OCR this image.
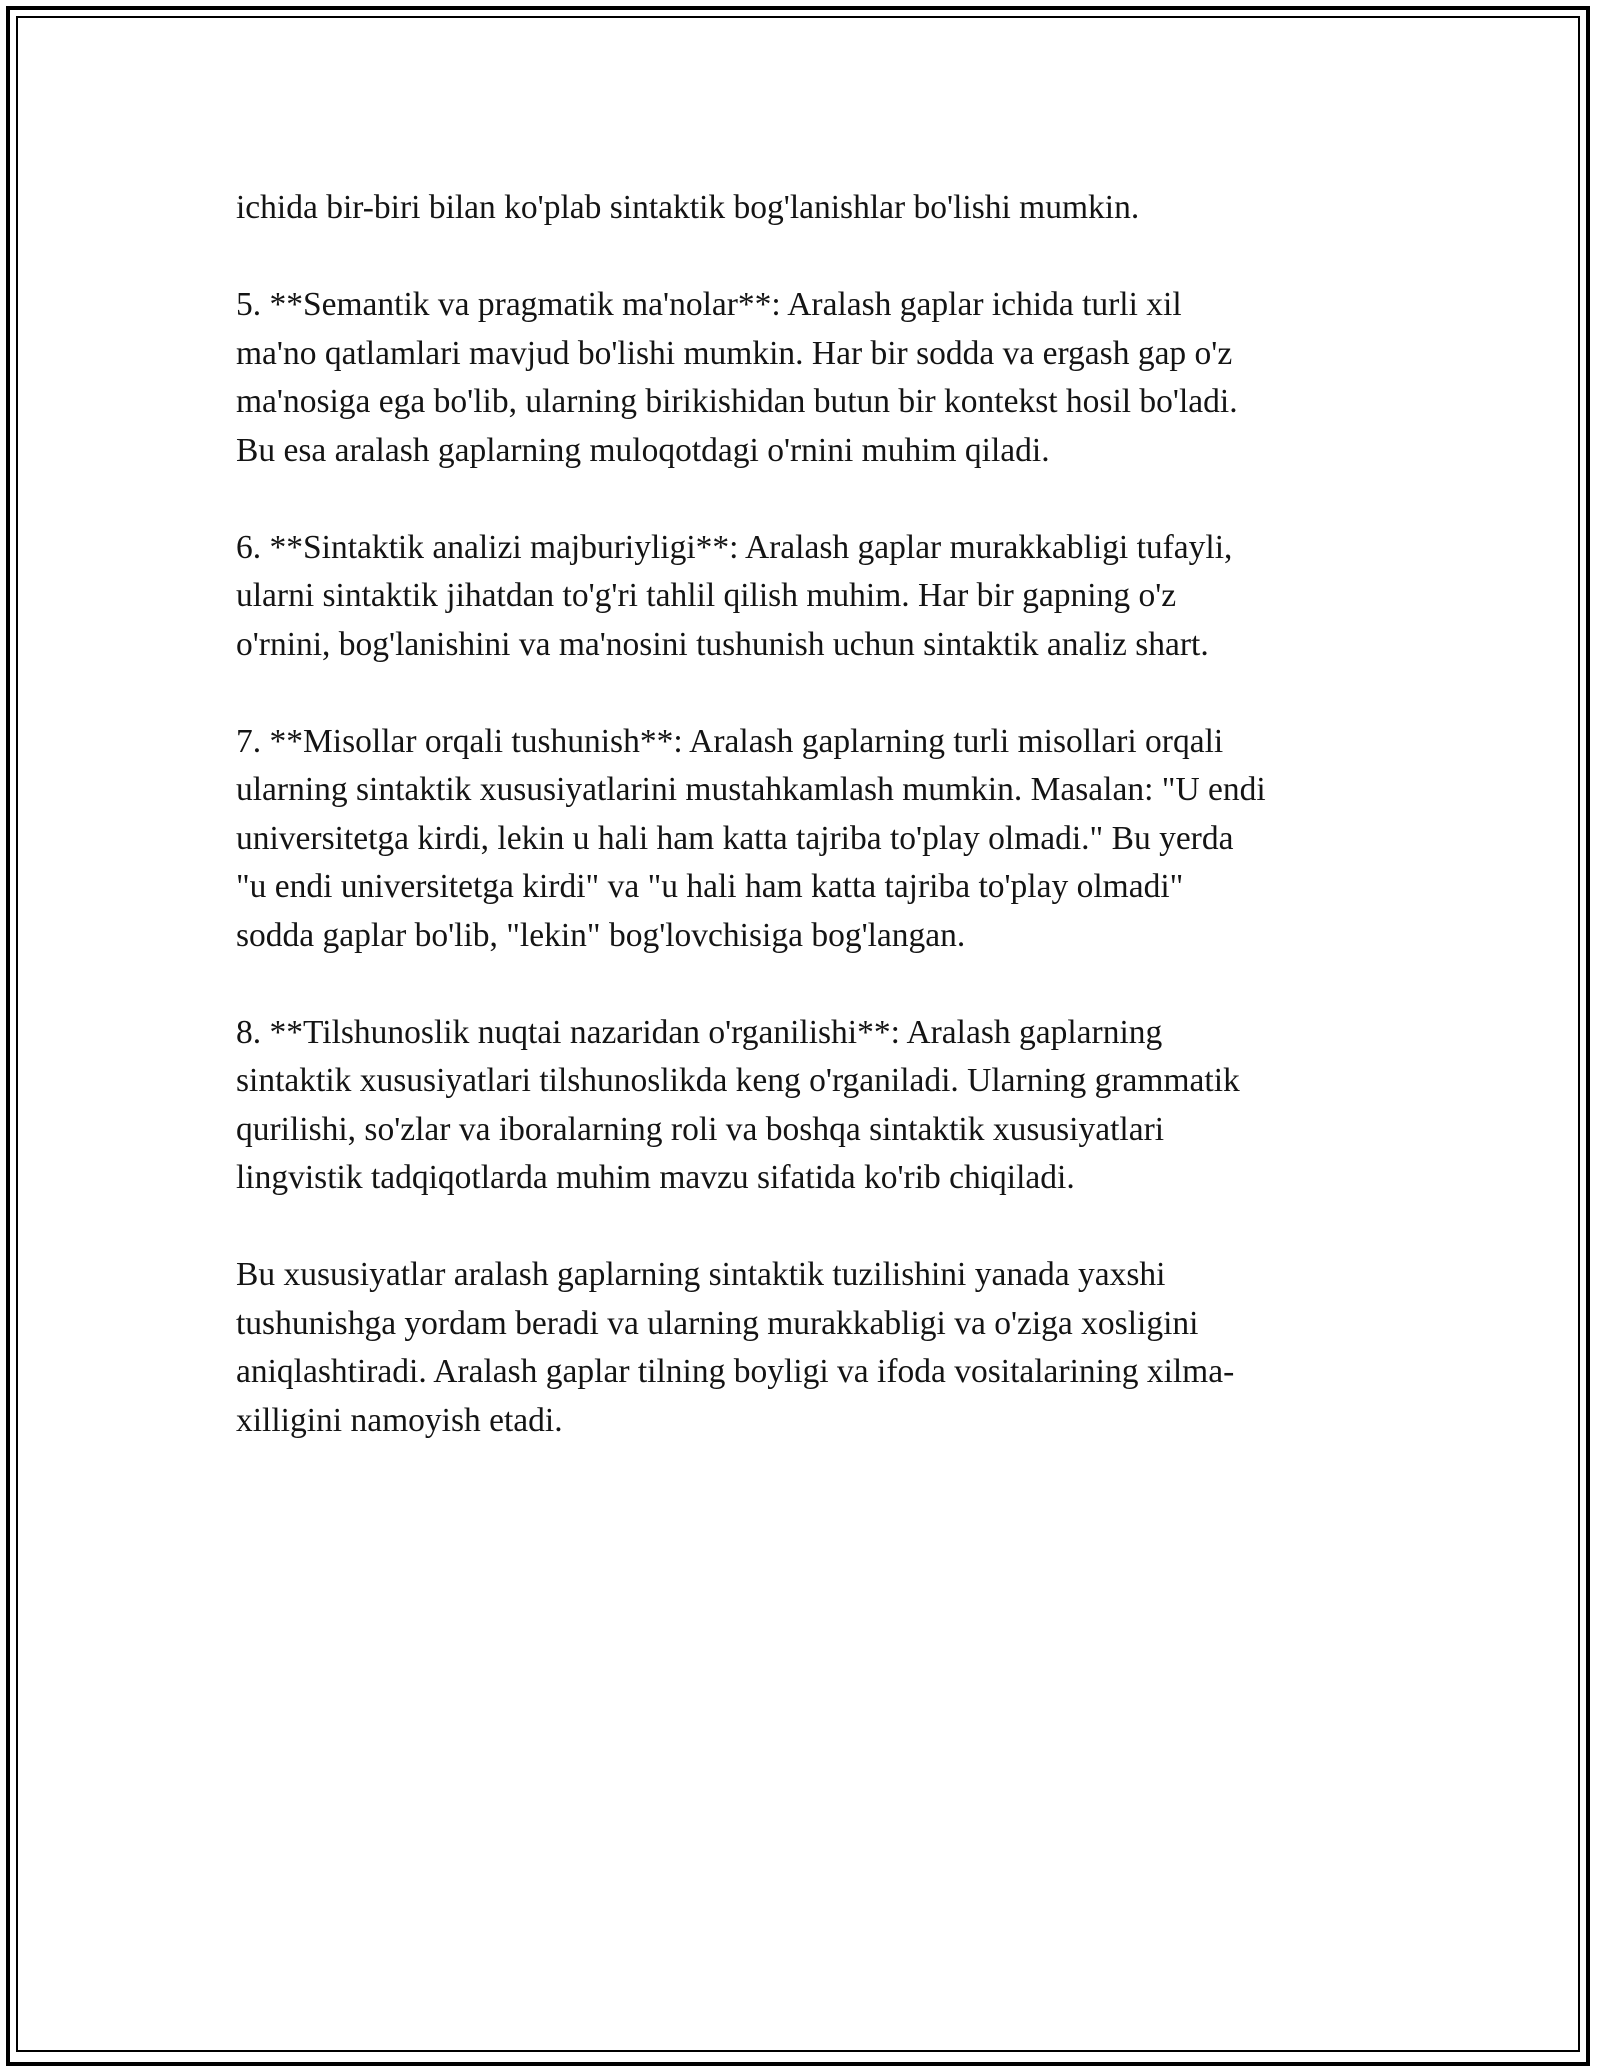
ichida bir-biri bilan ko'plab sintaktik bog'lanishlar bo'lishi mumkin.
5. **Semantik va pragmatik ma'nolar**: Aralash gaplar ichida turli xil
ma'no qatlamlari mavjud bo'lishi mumkin. Har bir sodda va ergash gap o'z
ma'nosiga ega bo'lib, ularning birikishidan butun bir kontekst hosil bo'ladi.
Bu esa aralash gaplarning muloqotdagi o'rnini muhim qiladi.
6. **Sintaktik analizi majburiyligi**: Aralash gaplar murakkabligi tufayli,
ularni sintaktik jihatdan to'g'ri tahlil qilish muhim. Har bir gapning o'z
o'rnini, bog'lanishini va ma'nosini tushunish uchun sintaktik analiz shart.
7. **Misollar orqali tushunish**: Aralash gaplarning turli misollari orqali
ularning sintaktik xususiyatlarini mustahkamlash mumkin. Masalan: "U endi
universitetga kirdi, lekin u hali ham katta tajriba to'play olmadi." Bu yerda
"u endi universitetga kirdi" va "u hali ham katta tajriba to'play olmadi"
sodda gaplar bo'lib, "lekin" bog'lovchisiga bog'langan.
8. **Tilshunoslik nuqtai nazaridan o'rganilishi**: Aralash gaplarning
sintaktik xususiyatlari tilshunoslikda keng o'rganiladi. Ularning grammatik
qurilishi, so'zlar va iboralarning roli va boshqa sintaktik xususiyatlari
lingvistik tadqiqotlarda muhim mavzu sifatida ko'rib chiqiladi.
Bu xususiyatlar aralash gaplarning sintaktik tuzilishini yanada yaxshi
tushunishga yordam beradi va ularning murakkabligi va o'ziga xosligini
aniqlashtiradi. Aralash gaplar tilning boyligi va ifoda vositalarining xilma-
xilligini namoyish etadi.
